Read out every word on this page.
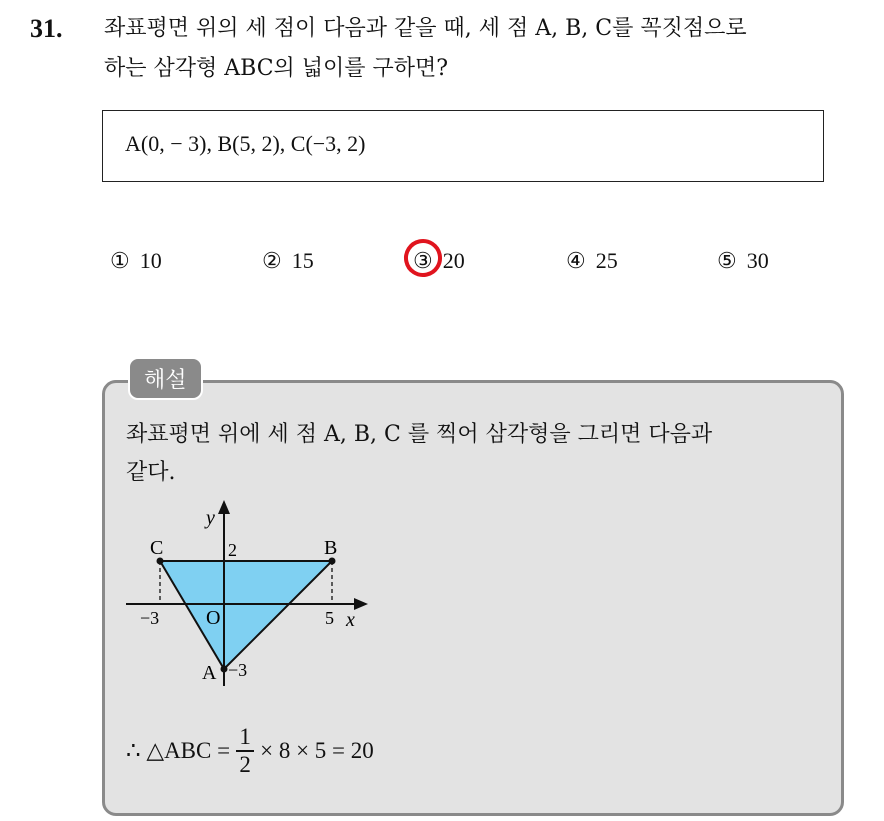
31. 좌표평면 위의 세 점이 다음과 같을 때, 세 점 A, B, C를 꼭짓점으로
하는 삼각형 ABC의 넓이를 구하면?
A(0, − 3), B(5, 2), C(−3, 2)
① 10	② 15	③ 20	④ 25	⑤ 30
해설
좌표평면 위에 세 점 A, B, C 를 찍어 삼각형을 그리면 다음과
같다.
y
x
C	B
A
2
−3
−3	5
O
∴ △ABC = $\frac{1}{2} \times 8 \times 5 = 20$
